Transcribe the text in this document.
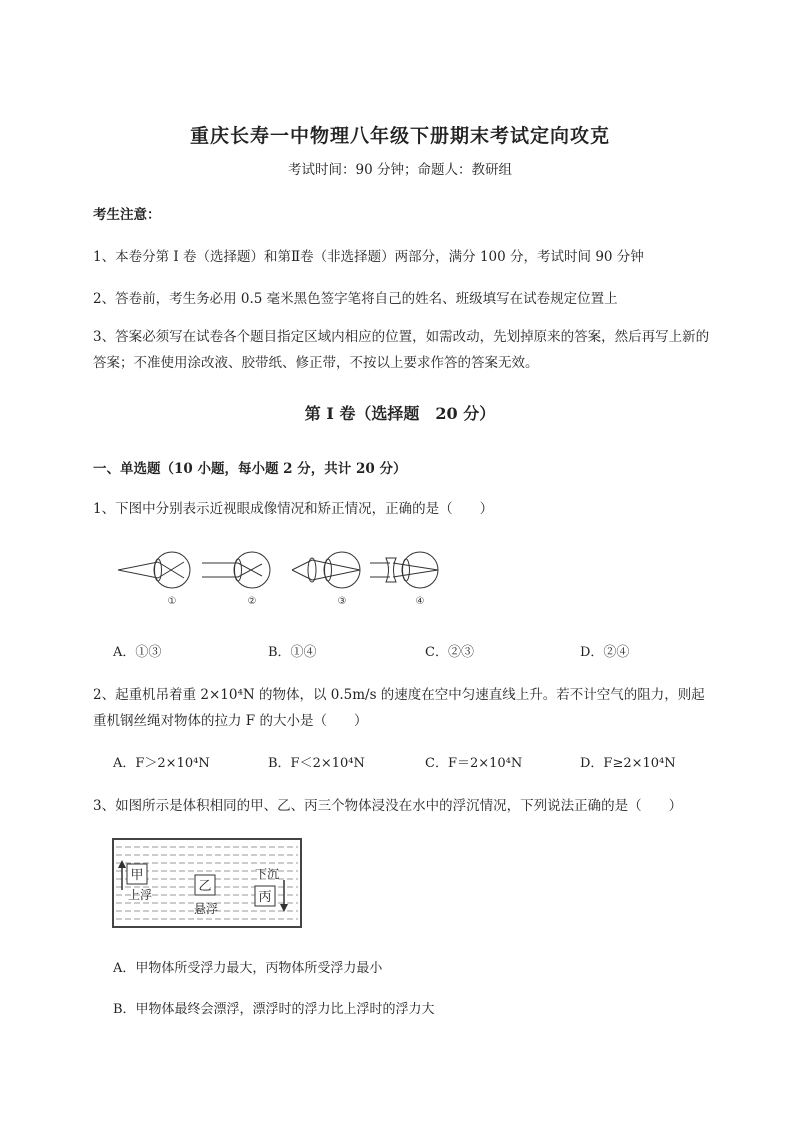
重庆长寿一中物理八年级下册期末考试定向攻克
考试时间：90 分钟；命题人：教研组
考生注意：
1、本卷分第 I 卷（选择题）和第Ⅱ卷（非选择题）两部分，满分 100 分，考试时间 90 分钟
2、答卷前，考生务必用 0.5 毫米黑色签字笔将自己的姓名、班级填写在试卷规定位置上
3、答案必须写在试卷各个题目指定区域内相应的位置，如需改动，先划掉原来的答案，然后再写上新的答案；不准使用涂改液、胶带纸、修正带，不按以上要求作答的答案无效。
第 I 卷（选择题　20 分）
一、单选题（10 小题，每小题 2 分，共计 20 分）
1、下图中分别表示近视眼成像情况和矫正情况，正确的是（　　）
①	②	③	④
A．①③	B．①④	C．②③	D．②④
2、起重机吊着重 2×10⁴N 的物体，以 0.5m/s 的速度在空中匀速直线上升。若不计空气的阻力，则起
重机钢丝绳对物体的拉力 F 的大小是（　　）
A．F＞2×10⁴N	B．F＜2×10⁴N	C．F＝2×10⁴N	D．F≥2×10⁴N
3、如图所示是体积相同的甲、乙、丙三个物体浸没在水中的浮沉情况，下列说法正确的是（　　）
甲
乙
丙
上浮
悬浮
下沉
A．甲物体所受浮力最大，丙物体所受浮力最小
B．甲物体最终会漂浮，漂浮时的浮力比上浮时的浮力大
